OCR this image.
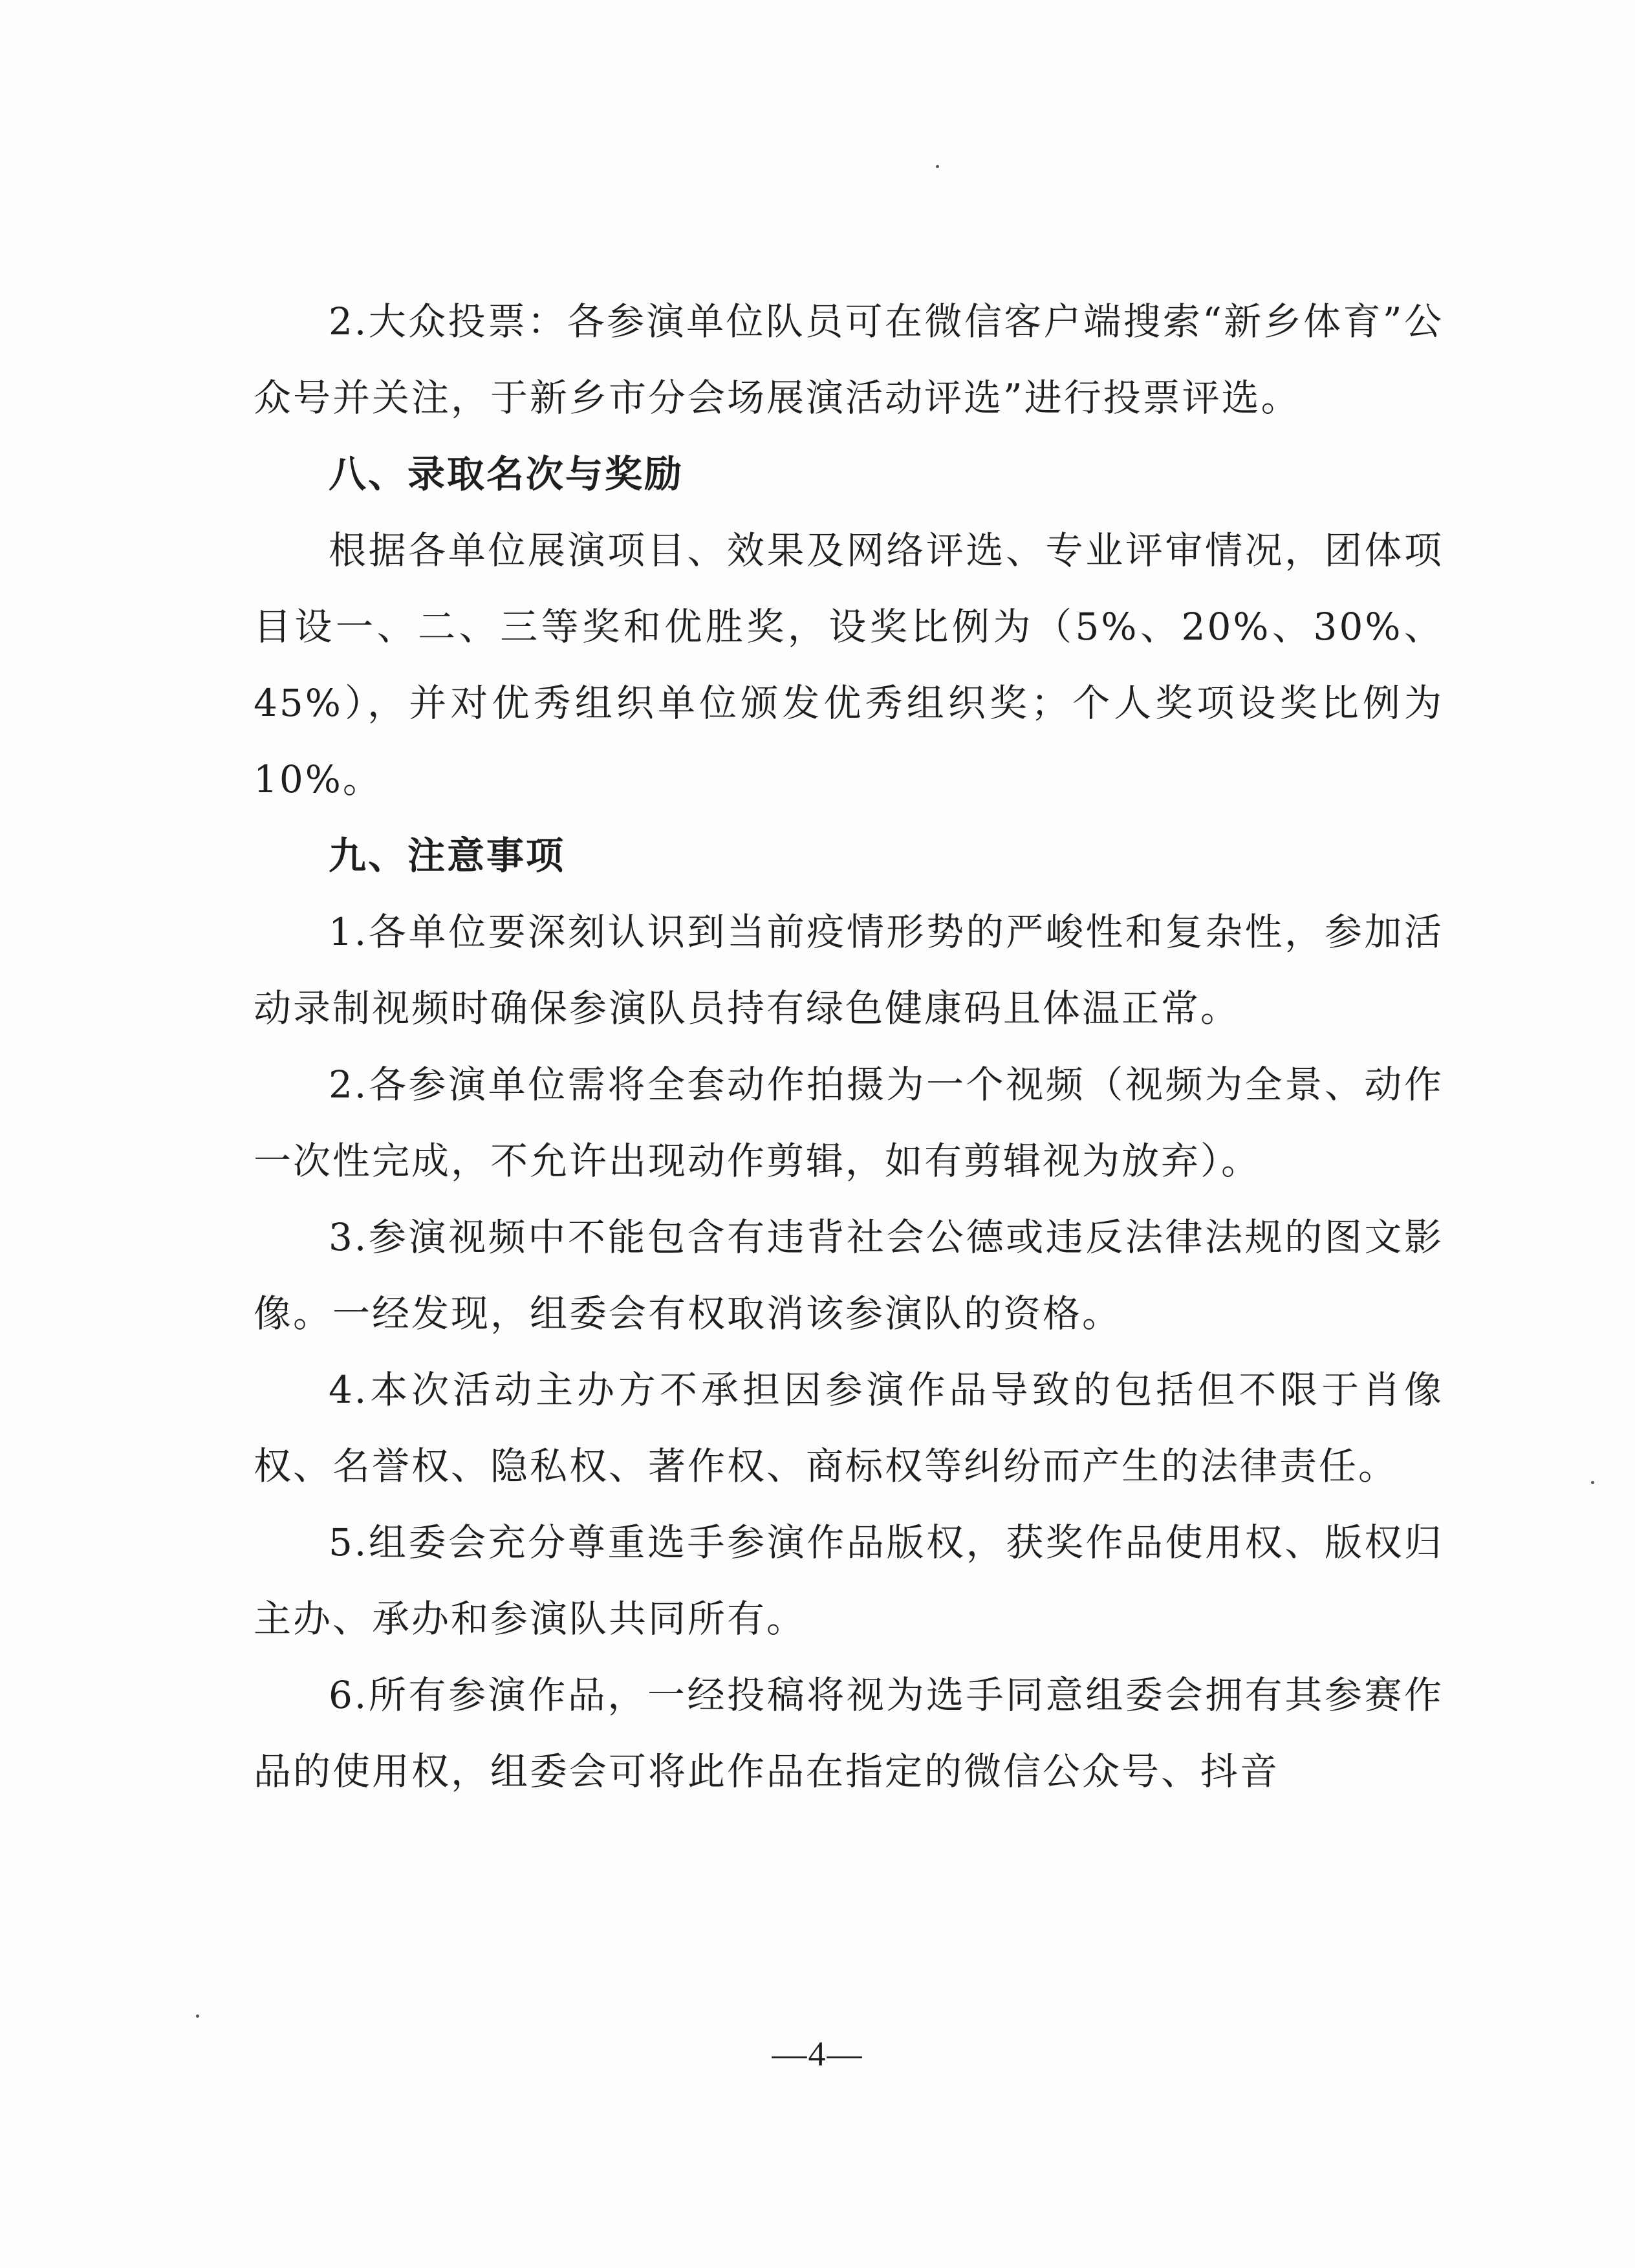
2.大众投票：各参演单位队员可在微信客户端搜索“新乡体育”公众号并关注，于新乡市分会场展演活动评选”进行投票评选。

八、录取名次与奖励

根据各单位展演项目、效果及网络评选、专业评审情况，团体项目设一、二、三等奖和优胜奖，设奖比例为（5%、20%、30%、45%），并对优秀组织单位颁发优秀组织奖；个人奖项设奖比例为10%。

九、注意事项

1.各单位要深刻认识到当前疫情形势的严峻性和复杂性，参加活动录制视频时确保参演队员持有绿色健康码且体温正常。

2.各参演单位需将全套动作拍摄为一个视频（视频为全景、动作一次性完成，不允许出现动作剪辑，如有剪辑视为放弃）。

3.参演视频中不能包含有违背社会公德或违反法律法规的图文影像。一经发现，组委会有权取消该参演队的资格。

4.本次活动主办方不承担因参演作品导致的包括但不限于肖像权、名誉权、隐私权、著作权、商标权等纠纷而产生的法律责任。

5.组委会充分尊重选手参演作品版权，获奖作品使用权、版权归主办、承办和参演队共同所有。

6.所有参演作品，一经投稿将视为选手同意组委会拥有其参赛作品的使用权，组委会可将此作品在指定的微信公众号、抖音

—4—
